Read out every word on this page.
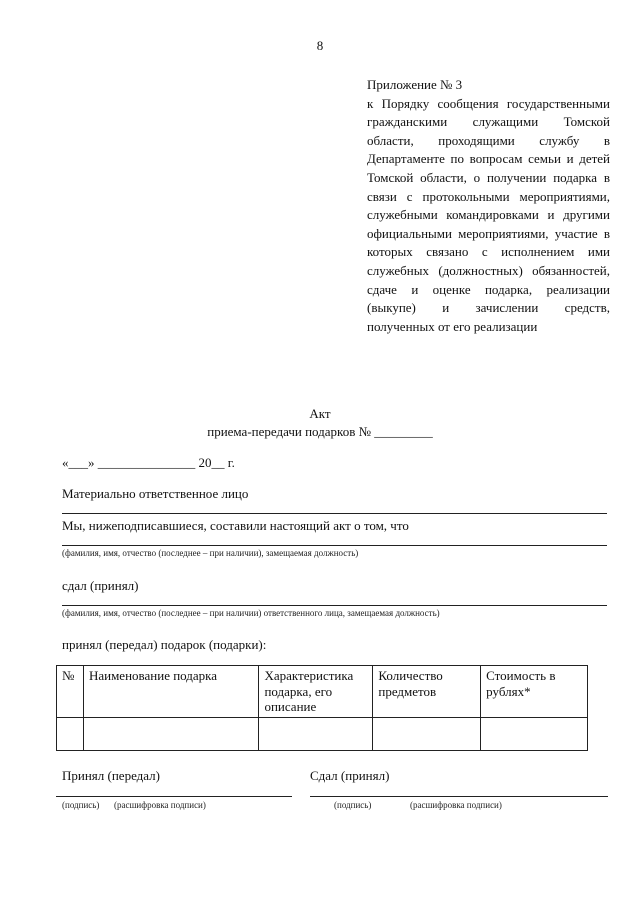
8
Приложение № 3
к Порядку сообщения государственными гражданскими служащими Томской области, проходящими службу в Департаменте по вопросам семьи и детей Томской области, о получении подарка в связи с протокольными мероприятиями, служебными командировками и другими официальными мероприятиями, участие в которых связано с исполнением ими служебных (должностных) обязанностей, сдаче и оценке подарка, реализации (выкупе) и зачислении средств, полученных от его реализации
Акт
приема-передачи подарков № _________
«___» _______________ 20__ г.
Материально ответственное лицо
Мы, нижеподписавшиеся, составили настоящий акт о том, что
(фамилия, имя, отчество (последнее – при наличии), замещаемая должность)
сдал (принял)
(фамилия, имя, отчество (последнее – при наличии) ответственного лица, замещаемая должность)
принял (передал) подарок (подарки):
№	Наименование подарка	Характеристика подарка, его описание	Количество предметов	Стоимость в рублях*

Принял (передал)	Сдал (принял)
(подпись) (расшифровка подписи)	(подпись)	(расшифровка подписи)
